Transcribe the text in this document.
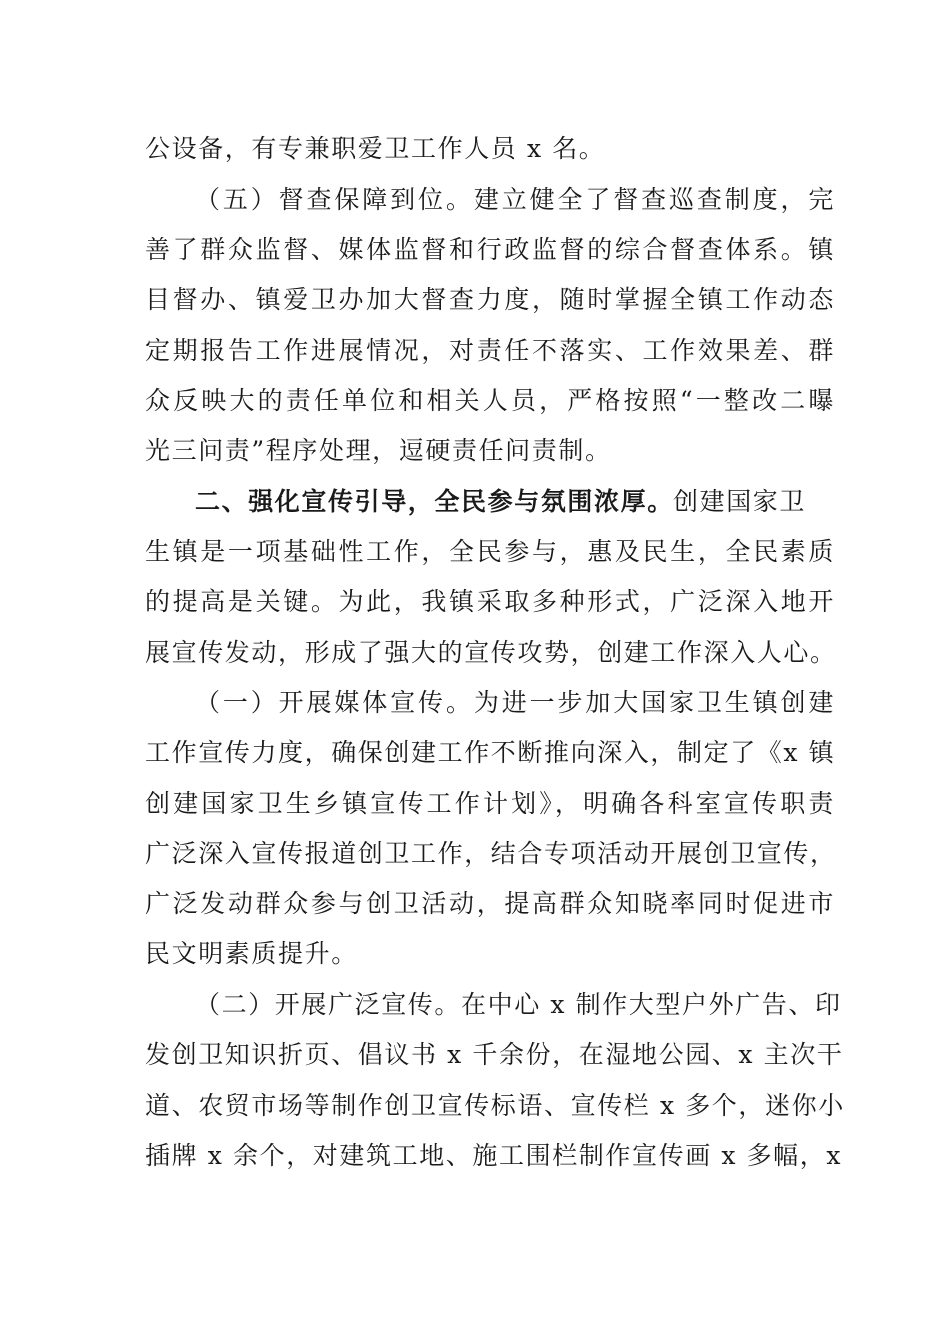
公设备，有专兼职爱卫工作人员 x 名。
（五）督查保障到位。建立健全了督查巡查制度，完
善了群众监督、媒体监督和行政监督的综合督查体系。镇
目督办、镇爱卫办加大督查力度，随时掌握全镇工作动态
定期报告工作进展情况，对责任不落实、工作效果差、群
众反映大的责任单位和相关人员，严格按照“一整改二曝
光三问责”程序处理，逗硬责任问责制。
二、强化宣传引导，全民参与氛围浓厚。 创建国家卫
生镇是一项基础性工作，全民参与，惠及民生，全民素质
的提高是关键。为此，我镇采取多种形式，广泛深入地开
展宣传发动，形成了强大的宣传攻势，创建工作深入人心。
（一）开展媒体宣传。为进一步加大国家卫生镇创建
工作宣传力度，确保创建工作不断推向深入，制定了《x 镇
创建国家卫生乡镇宣传工作计划》，明确各科室宣传职责
广泛深入宣传报道创卫工作，结合专项活动开展创卫宣传，
广泛发动群众参与创卫活动，提高群众知晓率同时促进市
民文明素质提升。
（二）开展广泛宣传。在中心 x 制作大型户外广告、印
发创卫知识折页、倡议书 x 千余份，在湿地公园、x 主次干
道、农贸市场等制作创卫宣传标语、宣传栏 x 多个，迷你小
插牌 x 余个，对建筑工地、施工围栏制作宣传画 x 多幅，x
